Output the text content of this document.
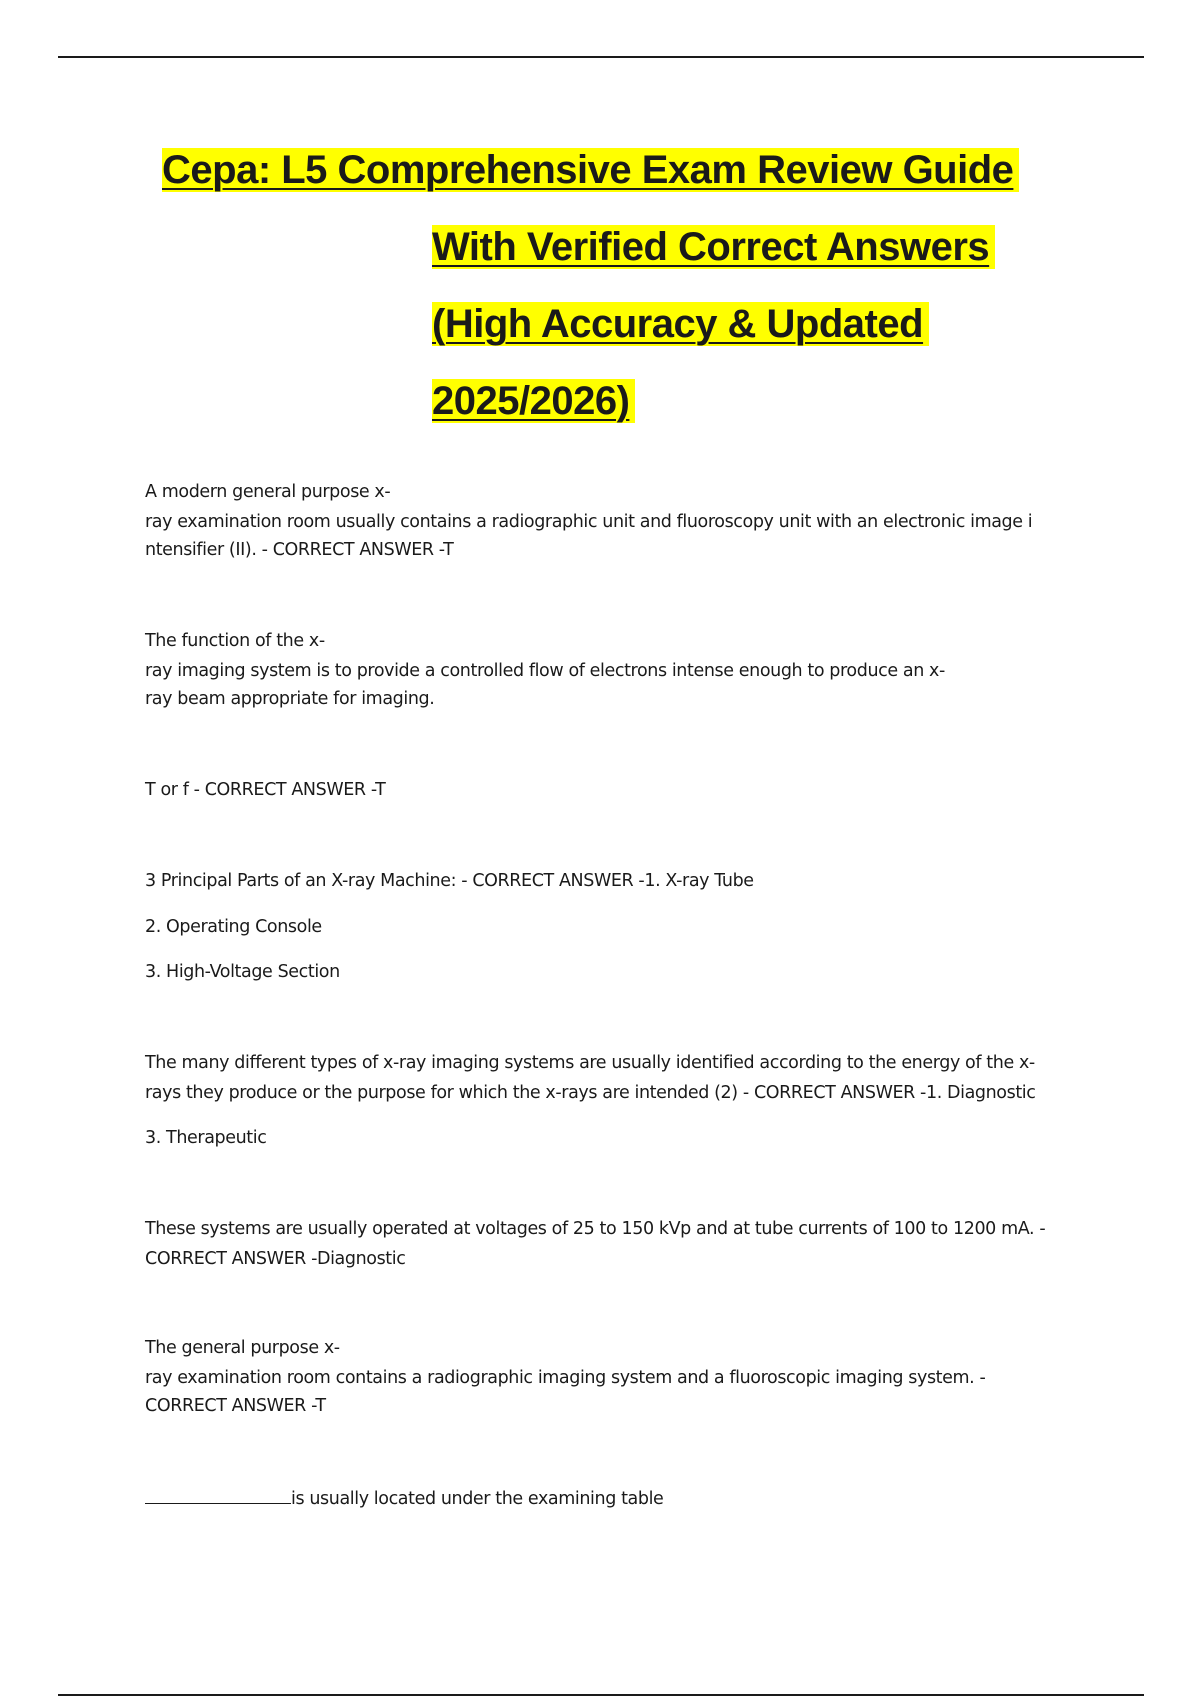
Cepa: L5 Comprehensive Exam Review Guide
With Verified Correct Answers
(High Accuracy & Updated
2025/2026)
A modern general purpose x-
ray examination room usually contains a radiographic unit and fluoroscopy unit with an electronic image i
ntensifier (II). - CORRECT ANSWER -T
The function of the x-
ray imaging system is to provide a controlled flow of electrons intense enough to produce an x-
ray beam appropriate for imaging.
T or f - CORRECT ANSWER -T
3 Principal Parts of an X-ray Machine: - CORRECT ANSWER -1. X-ray Tube
2. Operating Console
3. High-Voltage Section
The many different types of x-ray imaging systems are usually identified according to the energy of the x-
rays they produce or the purpose for which the x-rays are intended (2) - CORRECT ANSWER -1. Diagnostic
3. Therapeutic
These systems are usually operated at voltages of 25 to 150 kVp and at tube currents of 100 to 1200 mA. -
CORRECT ANSWER -Diagnostic
The general purpose x-
ray examination room contains a radiographic imaging system and a fluoroscopic imaging system. -
CORRECT ANSWER -T
is usually located under the examining table
